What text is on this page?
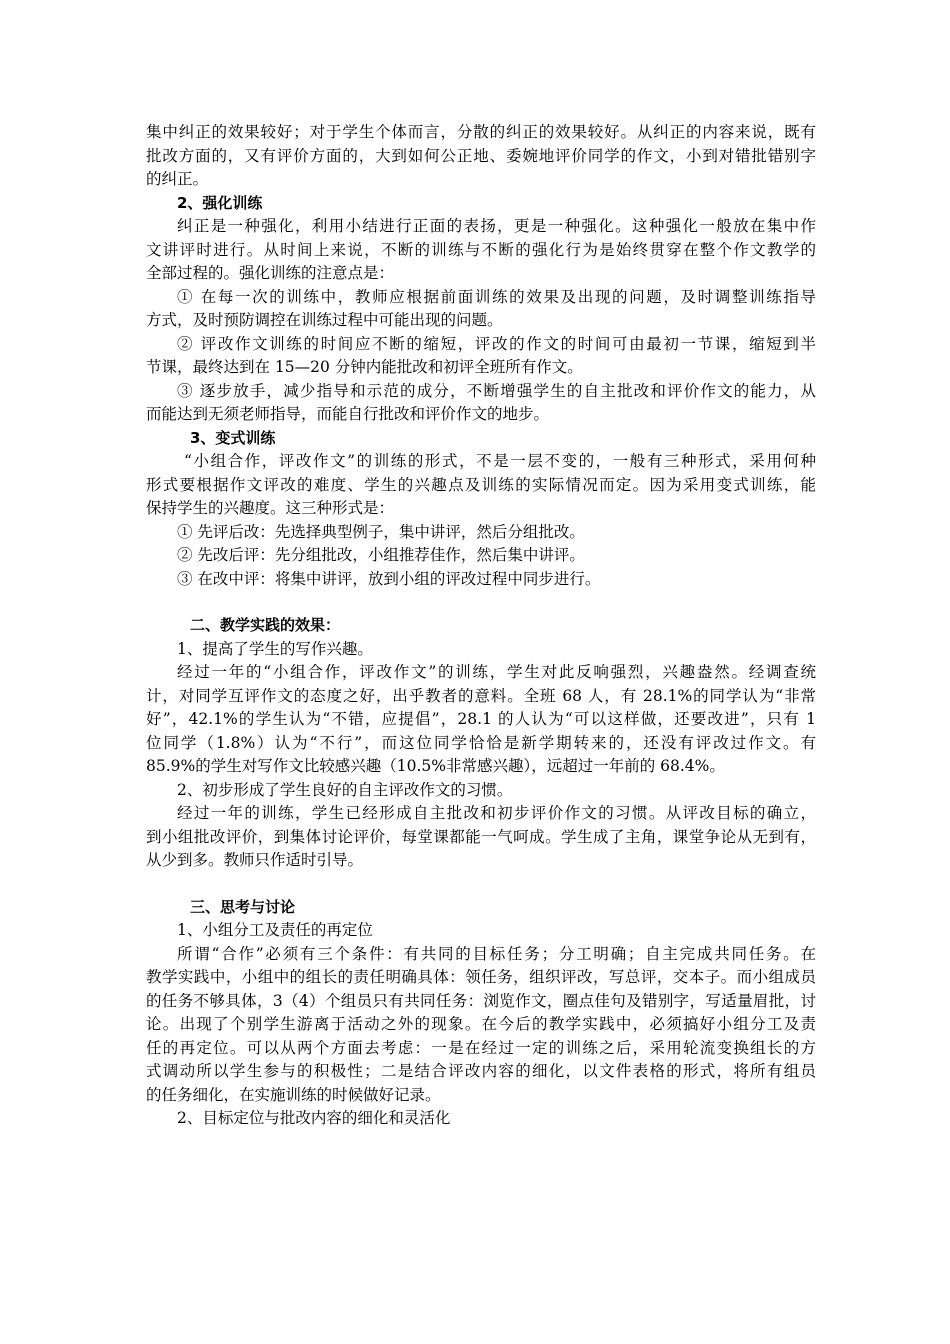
集中纠正的效果较好；对于学生个体而言，分散的纠正的效果较好。从纠正的内容来说，既有
批改方面的，又有评价方面的，大到如何公正地、委婉地评价同学的作文，小到对错批错别字
的纠正。
2、强化训练
纠正是一种强化，利用小结进行正面的表扬，更是一种强化。这种强化一般放在集中作
文讲评时进行。从时间上来说，不断的训练与不断的强化行为是始终贯穿在整个作文教学的
全部过程的。强化训练的注意点是：
① 在每一次的训练中，教师应根据前面训练的效果及出现的问题，及时调整训练指导
方式，及时预防调控在训练过程中可能出现的问题。
② 评改作文训练的时间应不断的缩短，评改的作文的时间可由最初一节课，缩短到半
节课，最终达到在 15—20 分钟内能批改和初评全班所有作文。
③ 逐步放手，减少指导和示范的成分，不断增强学生的自主批改和评价作文的能力，从
而能达到无须老师指导，而能自行批改和评价作文的地步。
3、变式训练
“小组合作，评改作文”的训练的形式，不是一层不变的，一般有三种形式，采用何种
形式要根据作文评改的难度、学生的兴趣点及训练的实际情况而定。因为采用变式训练，能
保持学生的兴趣度。这三种形式是：
① 先评后改：先选择典型例子，集中讲评，然后分组批改。
② 先改后评：先分组批改，小组推荐佳作，然后集中讲评。
③ 在改中评：将集中讲评，放到小组的评改过程中同步进行。
二、教学实践的效果：
1、提高了学生的写作兴趣。
经过一年的“小组合作，评改作文”的训练，学生对此反响强烈，兴趣盎然。经调查统
计，对同学互评作文的态度之好，出乎教者的意料。全班 68 人，有 28.1%的同学认为“非常
好”，42.1%的学生认为“不错，应提倡”，28.1 的人认为“可以这样做，还要改进”，只有 1
位同学（1.8%）认为“不行”，而这位同学恰恰是新学期转来的，还没有评改过作文。有
85.9%的学生对写作文比较感兴趣（10.5%非常感兴趣），远超过一年前的 68.4%。
2、初步形成了学生良好的自主评改作文的习惯。
经过一年的训练，学生已经形成自主批改和初步评价作文的习惯。从评改目标的确立，
到小组批改评价，到集体讨论评价，每堂课都能一气呵成。学生成了主角，课堂争论从无到有，
从少到多。教师只作适时引导。
三、思考与讨论
1、小组分工及责任的再定位
所谓“合作”必须有三个条件：有共同的目标任务；分工明确；自主完成共同任务。在
教学实践中，小组中的组长的责任明确具体：领任务，组织评改，写总评，交本子。而小组成员
的任务不够具体，3（4）个组员只有共同任务：浏览作文，圈点佳句及错别字，写适量眉批，讨
论。出现了个别学生游离于活动之外的现象。在今后的教学实践中，必须搞好小组分工及责
任的再定位。可以从两个方面去考虑：一是在经过一定的训练之后，采用轮流变换组长的方
式调动所以学生参与的积极性；二是结合评改内容的细化，以文件表格的形式，将所有组员
的任务细化，在实施训练的时候做好记录。
2、目标定位与批改内容的细化和灵活化
